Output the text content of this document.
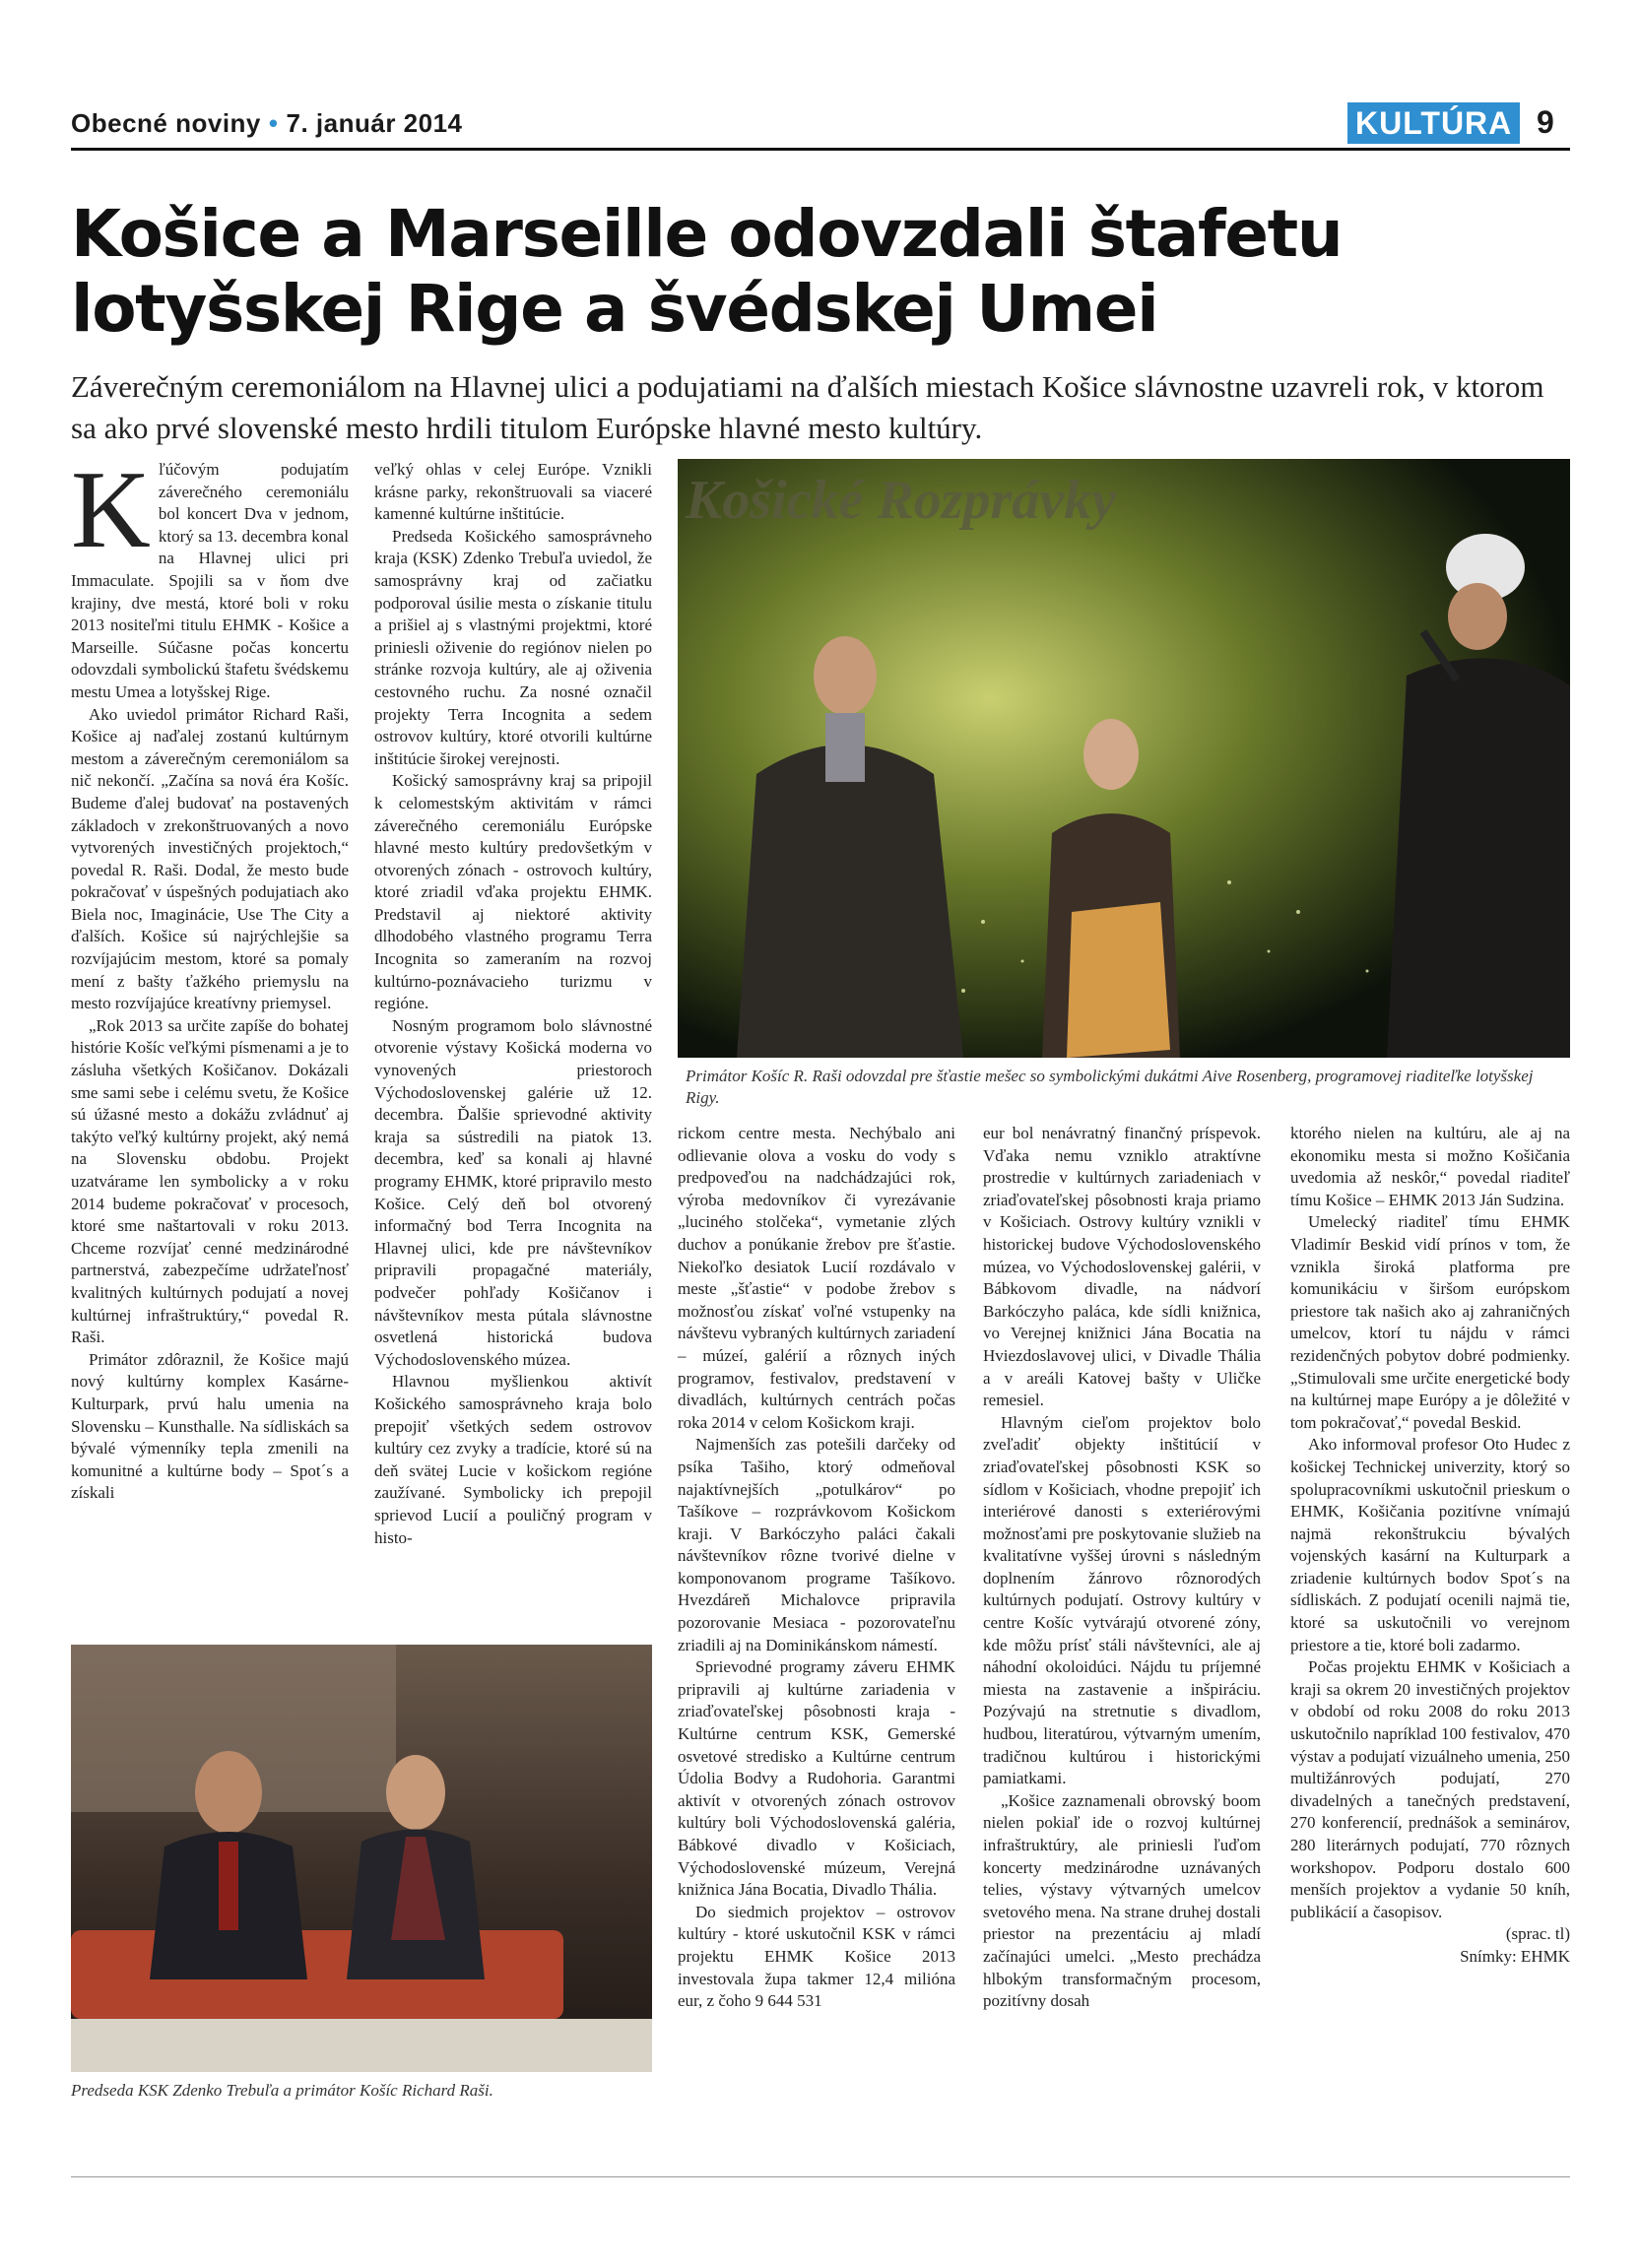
Obecné noviny • 7. január 2014	KULTÚRA 9
Košice a Marseille odovzdali štafetu
lotyšskej Rige a švédskej Umei

Záverečným ceremoniálom na Hlavnej ulici a podujatiami na ďalších miestach Košice slávnostne uzavreli rok, v ktorom sa ako prvé slovenské mesto hrdili titulom Európske hlavné mesto kultúry.

Kľúčovým podujatím záverečného ceremoniálu bol koncert Dva v jednom, ktorý sa 13. decembra konal na Hlavnej ulici pri Immaculate. Spojili sa v ňom dve krajiny, dve mestá, ktoré boli v roku 2013 nositeľmi titulu EHMK - Košice a Marseille. Súčasne počas koncertu odovzdali symbolickú štafetu švédskemu mestu Umea a lotyšskej Rige.

Ako uviedol primátor Richard Raši, Košice aj naďalej zostanú kultúrnym mestom a záverečným ceremoniálom sa nič nekončí. „Začína sa nová éra Košíc. Budeme ďalej budovať na postavených základoch v zrekonštruovaných a novo vytvorených investičných projektoch,“ povedal R. Raši. Dodal, že mesto bude pokračovať v úspešných podujatiach ako Biela noc, Imaginácie, Use The City a ďalších. Košice sú najrýchlejšie sa rozvíjajúcim mestom, ktoré sa pomaly mení z bašty ťažkého priemyslu na mesto rozvíjajúce kreatívny priemysel.

„Rok 2013 sa určite zapíše do bohatej histórie Košíc veľkými písmenami a je to zásluha všetkých Košičanov. Dokázali sme sami sebe i celému svetu, že Košice sú úžasné mesto a dokážu zvládnuť aj takýto veľký kultúrny projekt, aký nemá na Slovensku obdobu. Projekt uzatvárame len symbolicky a v roku 2014 budeme pokračovať v procesoch, ktoré sme naštartovali v roku 2013. Chceme rozvíjať cenné medzinárodné partnerstvá, zabezpečíme udržateľnosť kvalitných kultúrnych podujatí a novej kultúrnej infraštruktúry,“ povedal R. Raši.

Primátor zdôraznil, že Košice majú nový kultúrny komplex Kasárne-Kulturpark, prvú halu umenia na Slovensku – Kunsthalle. Na sídliskách sa bývalé výmenníky tepla zmenili na komunitné a kultúrne body – Spot´s a získali

veľký ohlas v celej Európe. Vznikli krásne parky, rekonštruovali sa viaceré kamenné kultúrne inštitúcie.

Predseda Košického samosprávneho kraja (KSK) Zdenko Trebuľa uviedol, že samosprávny kraj od začiatku podporoval úsilie mesta o získanie titulu a prišiel aj s vlastnými projektmi, ktoré priniesli oživenie do regiónov nielen po stránke rozvoja kultúry, ale aj oživenia cestovného ruchu. Za nosné označil projekty Terra Incognita a sedem ostrovov kultúry, ktoré otvorili kultúrne inštitúcie širokej verejnosti.

Košický samosprávny kraj sa pripojil k celomestským aktivitám v rámci záverečného ceremoniálu Európske hlavné mesto kultúry predovšetkým v otvorených zónach - ostrovoch kultúry, ktoré zriadil vďaka projektu EHMK. Predstavil aj niektoré aktivity dlhodobého vlastného programu Terra Incognita so zameraním na rozvoj kultúrno-poznávacieho turizmu v regióne.

Nosným programom bolo slávnostné otvorenie výstavy Košická moderna vo vynovených priestoroch Východoslovenskej galérie už 12. decembra. Ďalšie sprievodné aktivity kraja sa sústredili na piatok 13. decembra, keď sa konali aj hlavné programy EHMK, ktoré pripravilo mesto Košice. Celý deň bol otvorený informačný bod Terra Incognita na Hlavnej ulici, kde pre návštevníkov pripravili propagačné materiály, podvečer pohľady Košičanov i návštevníkov mesta pútala slávnostne osvetlená historická budova Východoslovenského múzea.

Hlavnou myšlienkou aktivít Košického samosprávneho kraja bolo prepojiť všetkých sedem ostrovov kultúry cez zvyky a tradície, ktoré sú na deň svätej Lucie v košickom regióne zaužívané. Symbolicky ich prepojil sprievod Lucií a pouličný program v histo-

Košické Rozprávky
Primátor Košíc R. Raši odovzdal pre šťastie mešec so symbolickými dukátmi Aive Rosenberg, programovej riaditeľke lotyšskej Rigy.
Predseda KSK Zdenko Trebuľa a primátor Košíc Richard Raši.

rickom centre mesta. Nechýbalo ani odlievanie olova a vosku do vody s predpoveďou na nadchádzajúci rok, výroba medovníkov či vyrezávanie „luciného stolčeka“, vymetanie zlých duchov a ponúkanie žrebov pre šťastie. Niekoľko desiatok Lucií rozdávalo v meste „šťastie“ v podobe žrebov s možnosťou získať voľné vstupenky na návštevu vybraných kultúrnych zariadení – múzeí, galérií a rôznych iných programov, festivalov, predstavení v divadlách, kultúrnych centrách počas roka 2014 v celom Košickom kraji.

Najmenších zas potešili darčeky od psíka Tašiho, ktorý odmeňoval najaktívnejších „potulkárov“ po Tašíkove – rozprávkovom Košickom kraji. V Barkóczyho paláci čakali návštevníkov rôzne tvorivé dielne v komponovanom programe Tašíkovo. Hvezdáreň Michalovce pripravila pozorovanie Mesiaca - pozorovateľnu zriadili aj na Dominikánskom námestí.

Sprievodné programy záveru EHMK pripravili aj kultúrne zariadenia v zriaďovateľskej pôsobnosti kraja - Kultúrne centrum KSK, Gemerské osvetové stredisko a Kultúrne centrum Údolia Bodvy a Rudohoria. Garantmi aktivít v otvorených zónach ostrovov kultúry boli Východoslovenská galéria, Bábkové divadlo v Košiciach, Východoslovenské múzeum, Verejná knižnica Jána Bocatia, Divadlo Thália.

Do siedmich projektov – ostrovov kultúry - ktoré uskutočnil KSK v rámci projektu EHMK Košice 2013 investovala župa takmer 12,4 milióna eur, z čoho 9 644 531

eur bol nenávratný finančný príspevok. Vďaka nemu vzniklo atraktívne prostredie v kultúrnych zariadeniach v zriaďovateľskej pôsobnosti kraja priamo v Košiciach. Ostrovy kultúry vznikli v historickej budove Východoslovenského múzea, vo Východoslovenskej galérii, v Bábkovom divadle, na nádvorí Barkóczyho paláca, kde sídli knižnica, vo Verejnej knižnici Jána Bocatia na Hviezdoslavovej ulici, v Divadle Thália a v areáli Katovej bašty v Uličke remesiel.

Hlavným cieľom projektov bolo zveľadiť objekty inštitúcií v zriaďovateľskej pôsobnosti KSK so sídlom v Košiciach, vhodne prepojiť ich interiérové danosti s exteriérovými možnosťami pre poskytovanie služieb na kvalitatívne vyššej úrovni s následným doplnením žánrovo rôznorodých kultúrnych podujatí. Ostrovy kultúry v centre Košíc vytvárajú otvorené zóny, kde môžu prísť stáli návštevníci, ale aj náhodní okoloidúci. Nájdu tu príjemné miesta na zastavenie a inšpiráciu. Pozývajú na stretnutie s divadlom, hudbou, literatúrou, výtvarným umením, tradičnou kultúrou i historickými pamiatkami.

„Košice zaznamenali obrovský boom nielen pokiaľ ide o rozvoj kultúrnej infraštruktúry, ale priniesli ľuďom koncerty medzinárodne uznávaných telies, výstavy výtvarných umelcov svetového mena. Na strane druhej dostali priestor na prezentáciu aj mladí začínajúci umelci. „Mesto prechádza hlbokým transformačným procesom, pozitívny dosah

ktorého nielen na kultúru, ale aj na ekonomiku mesta si možno Košičania uvedomia až neskôr,“ povedal riaditeľ tímu Košice – EHMK 2013 Ján Sudzina.

Umelecký riaditeľ tímu EHMK Vladimír Beskid vidí prínos v tom, že vznikla široká platforma pre komunikáciu v širšom európskom priestore tak našich ako aj zahraničných umelcov, ktorí tu nájdu v rámci rezidenčných pobytov dobré podmienky. „Stimulovali sme určite energetické body na kultúrnej mape Európy a je dôležité v tom pokračovať,“ povedal Beskid.

Ako informoval profesor Oto Hudec z košickej Technickej univerzity, ktorý so spolupracovníkmi uskutočnil prieskum o EHMK, Košičania pozitívne vnímajú najmä rekonštrukciu bývalých vojenských kasární na Kulturpark a zriadenie kultúrnych bodov Spot´s na sídliskách. Z podujatí ocenili najmä tie, ktoré sa uskutočnili vo verejnom priestore a tie, ktoré boli zadarmo.

Počas projektu EHMK v Košiciach a kraji sa okrem 20 investičných projektov v období od roku 2008 do roku 2013 uskutočnilo napríklad 100 festivalov, 470 výstav a podujatí vizuálneho umenia, 250 multižánrových podujatí, 270 divadelných a tanečných predstavení, 270 konferencií, prednášok a seminárov, 280 literárnych podujatí, 770 rôznych workshopov. Podporu dostalo 600 menších projektov a vydanie 50 kníh, publikácií a časopisov.

(sprac. tl)

Snímky: EHMK
